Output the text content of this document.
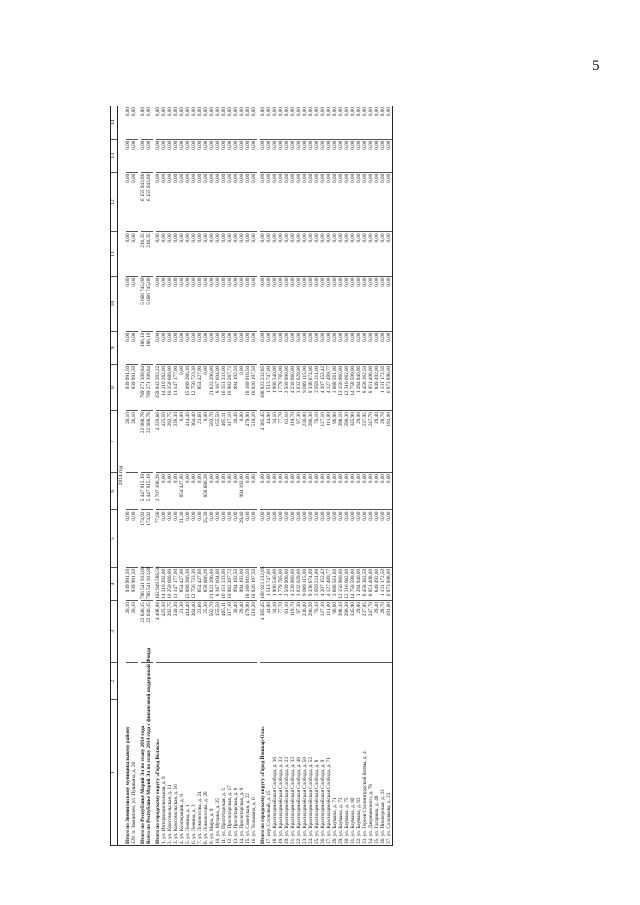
5
1	2	3	4	5	6	7	8	9	10	11	12	13	14
2014 год													
Итого по Звениговскому муниципальному району		26,10	939 991,50	0,00		26,10	939 991,50	0,00	0,00	0,00	0,00	0,00	0,00
129. п. Звенигово, ул. Пушкина, д. 26		26,10	939 991,50	0,00		26,10	939 991,50	0,00	0,00	0,00	0,00	0,00	0,00

Итого по Республике Марий Эл по этапу 2014 года		22 646,15	786 541 913,89	174,92	5 447 915,19	22 068,78	769 271 309,84	186,10	5 666 745,00	216,35	6 155 943,86	0,00	0,00
Всего по Республике Марий Эл по этапу 2014 года с финансовой поддержкой Фонда		22 646,15	786 541 913,89	174,92	5 447 915,19	22 068,78	769 271 309,84	186,10	5 666 745,00	216,35	6 155 943,86	0,00	0,00

Итого по городскому округу «Город Волжск»		4 408,06	162 949 588,50	77,60	2 707 106,28	4 220,66	159 942 282,22	0,00	0,00	0,00	0,00	0,00	0,00
1. ул. Интернациональная, д. 9		425,10	14 310 282,00	0,00	0,00	425,10	14 310 282,00	0,00	0,00	0,00	0,00	0,00	0,00
2. ул. Комсомольская, д. 11		292,75	10 259 689,00	0,00	0,00	292,75	10 259 689,00	0,00	0,00	0,00	0,00	0,00	0,00
3. ул. Комсомольская, д. 16		330,30	11 147 177,00	0,00	0,00	330,30	11 147 177,00	0,00	0,00	0,00	0,00	0,00	0,00
4. ул. Кооперации, д. 9		21,30	854 427,00	21,30	854 427,00	0,00	0,00	0,00	0,00	0,00	0,00	0,00	0,00
5. ул. Ленина, д. 1		414,40	15 099 286,30	0,00	0,00	414,40	15 099 286,30	0,00	0,00	0,00	0,00	0,00	0,00
6. ул. Ленина, д. 3		364,40	12 756 723,30	0,00	0,00	364,40	12 756 723,30	0,00	0,00	0,00	0,00	0,00	0,00
7. ул. Ломоносова, д. 24		23,60	854 427,00	0,00	0,00	23,60	854 427,00	0,00	0,00	0,00	0,00	0,00	0,00
8. ул. Ломоносова, д. 28		25,30	858 686,28	25,30	858 686,28	0,00	0,00	0,00	0,00	0,00	0,00	0,00	0,00
9. ул. Мира, д. 9		502,70	21 822 296,00	0,00	0,00	502,70	21 822 296,00	0,00	0,00	0,00	0,00	0,00	0,00
10. ул. Мухина, д. 25		155,50	8 167 604,00	0,00	0,00	155,50	8 167 604,00	0,00	0,00	0,00	0,00	0,00	0,00
11. ул. Пролетарская, д. 5		465,11	16 151 333,00	0,00	0,00	465,11	16 151 333,00	0,00	0,00	0,00	0,00	0,00	0,00
12. ул. Пролетарская, д. 17		317,10	10 982 287,72	0,00	0,00	317,10	10 982 287,72	0,00	0,00	0,00	0,00	0,00	0,00
13. ул. Пролетарская, д. 8		30,40	994 192,50	0,00	0,00	30,40	994 192,50	0,00	0,00	0,00	0,00	0,00	0,00
14. ул. Пролетарская, д. 9		29,40	994 193,00	29,40	994 193,00	0,00	0,00	0,00	0,00	0,00	0,00	0,00	0,00
15. ул. Советская, д. 22		479,90	18 189 916,50	0,00	0,00	479,90	18 189 916,50	0,00	0,00	0,00	0,00	0,00	0,00
16. ул. Тельмана, д. 6		510,20	18 926 197,50	0,00	0,00	510,20	18 926 197,50	0,00	0,00	0,00	0,00	0,00	0,00

Итого по городскому округу «Город Йошкар-Ола»		4 385,45	168 923 232,85	0,00	0,00	4 385,45	168 923 232,85	0,00	0,00	0,00	0,00	0,00	0,00
17. пер. Сосновый, д. 15		44,90	1 513 747,00	0,00	0,00	44,90	1 513 747,00	0,00	0,00	0,00	0,00	0,00	0,00
18. ул. Красноармейская Слобода, д. 16		34,10	1 906 540,00	0,00	0,00	34,10	1 906 540,00	0,00	0,00	0,00	0,00	0,00	0,00
19. ул. Красноармейская Слобода, д. 33		77,70	1 779 785,00	0,00	0,00	77,70	1 779 785,00	0,00	0,00	0,00	0,00	0,00	0,00
20. ул. Красноармейская Слобода, д. 23		61,10	2 509 900,00	0,00	0,00	61,10	2 509 900,00	0,00	0,00	0,00	0,00	0,00	0,00
21. ул. Красноармейская Слобода, д. 33		119,70	4 230 060,00	0,00	0,00	119,70	4 230 060,00	0,00	0,00	0,00	0,00	0,00	0,00
22. ул. Красноармейская Слобода, д. 48		97,30	3 032 029,00	0,00	0,00	97,30	3 032 029,00	0,00	0,00	0,00	0,00	0,00	0,00
23. ул. Красноармейская Слобода, д. 50		236,00	9 089 115,00	0,00	0,00	236,00	9 089 115,00	0,00	0,00	0,00	0,00	0,00	0,00
24. ул. Красноармейская Слобода, д. 52		296,30	9 338 874,00	0,00	0,00	296,30	9 338 874,00	0,00	0,00	0,00	0,00	0,00	0,00
25. ул. Красноармейская Слобода, д. 8		76,10	2 959 211,00	0,00	0,00	76,10	2 959 211,00	0,00	0,00	0,00	0,00	0,00	0,00
26. ул. Красноармейская Слобода, д. 9		127,10	4 207 152,42	0,00	0,00	127,10	4 207 152,42	0,00	0,00	0,00	0,00	0,00	0,00
27. ул. Красноармейская Слобода, д. 71		111,00	4 127 489,77	0,00	0,00	111,00	4 127 489,77	0,00	0,00	0,00	0,00	0,00	0,00
28. ул. Баумана, д. 71		96,90	3 688 561,00	0,00	0,00	96,90	3 688 561,00	0,00	0,00	0,00	0,00	0,00	0,00
29. ул. Баумана, д. 73		398,10	13 156 960,00	0,00	0,00	398,10	13 156 960,00	0,00	0,00	0,00	0,00	0,00	0,00
30. ул. Баумана, д. 75		296,30	12 316 082,00	0,00	0,00	296,30	12 316 082,00	0,00	0,00	0,00	0,00	0,00	0,00
31. ул. Баумана, д. 80		345,90	14 758 599,00	0,00	0,00	345,90	14 758 599,00	0,00	0,00	0,00	0,00	0,00	0,00
32. ул. Баумана, д. 83		29,00	1 284 940,00	0,00	0,00	29,00	1 284 940,00	0,00	0,00	0,00	0,00	0,00	0,00
33. ул. Героев Сталинградской битвы, д. 4		237,95	8 458 362,50	0,00	0,00	237,95	8 458 362,50	0,00	0,00	0,00	0,00	0,00	0,00
34. ул. Дзержинского, д. 78		247,70	8 051 408,00	0,00	0,00	247,70	8 051 408,00	0,00	0,00	0,00	0,00	0,00	0,00
35. ул. Гагарина, д. 49		29,40	849 492,00	0,00	0,00	29,40	849 492,00	0,00	0,00	0,00	0,00	0,00	0,00
36. ул. Пионерская, д. 33		28,70	1 131 172,50	0,00	0,00	28,70	1 131 172,50	0,00	0,00	0,00	0,00	0,00	0,00
37. ул. Соловьева, д. 23		191,00	6 973 898,00	0,00	0,00	191,00	6 973 898,00	0,00	0,00	0,00	0,00	0,00	0,00
